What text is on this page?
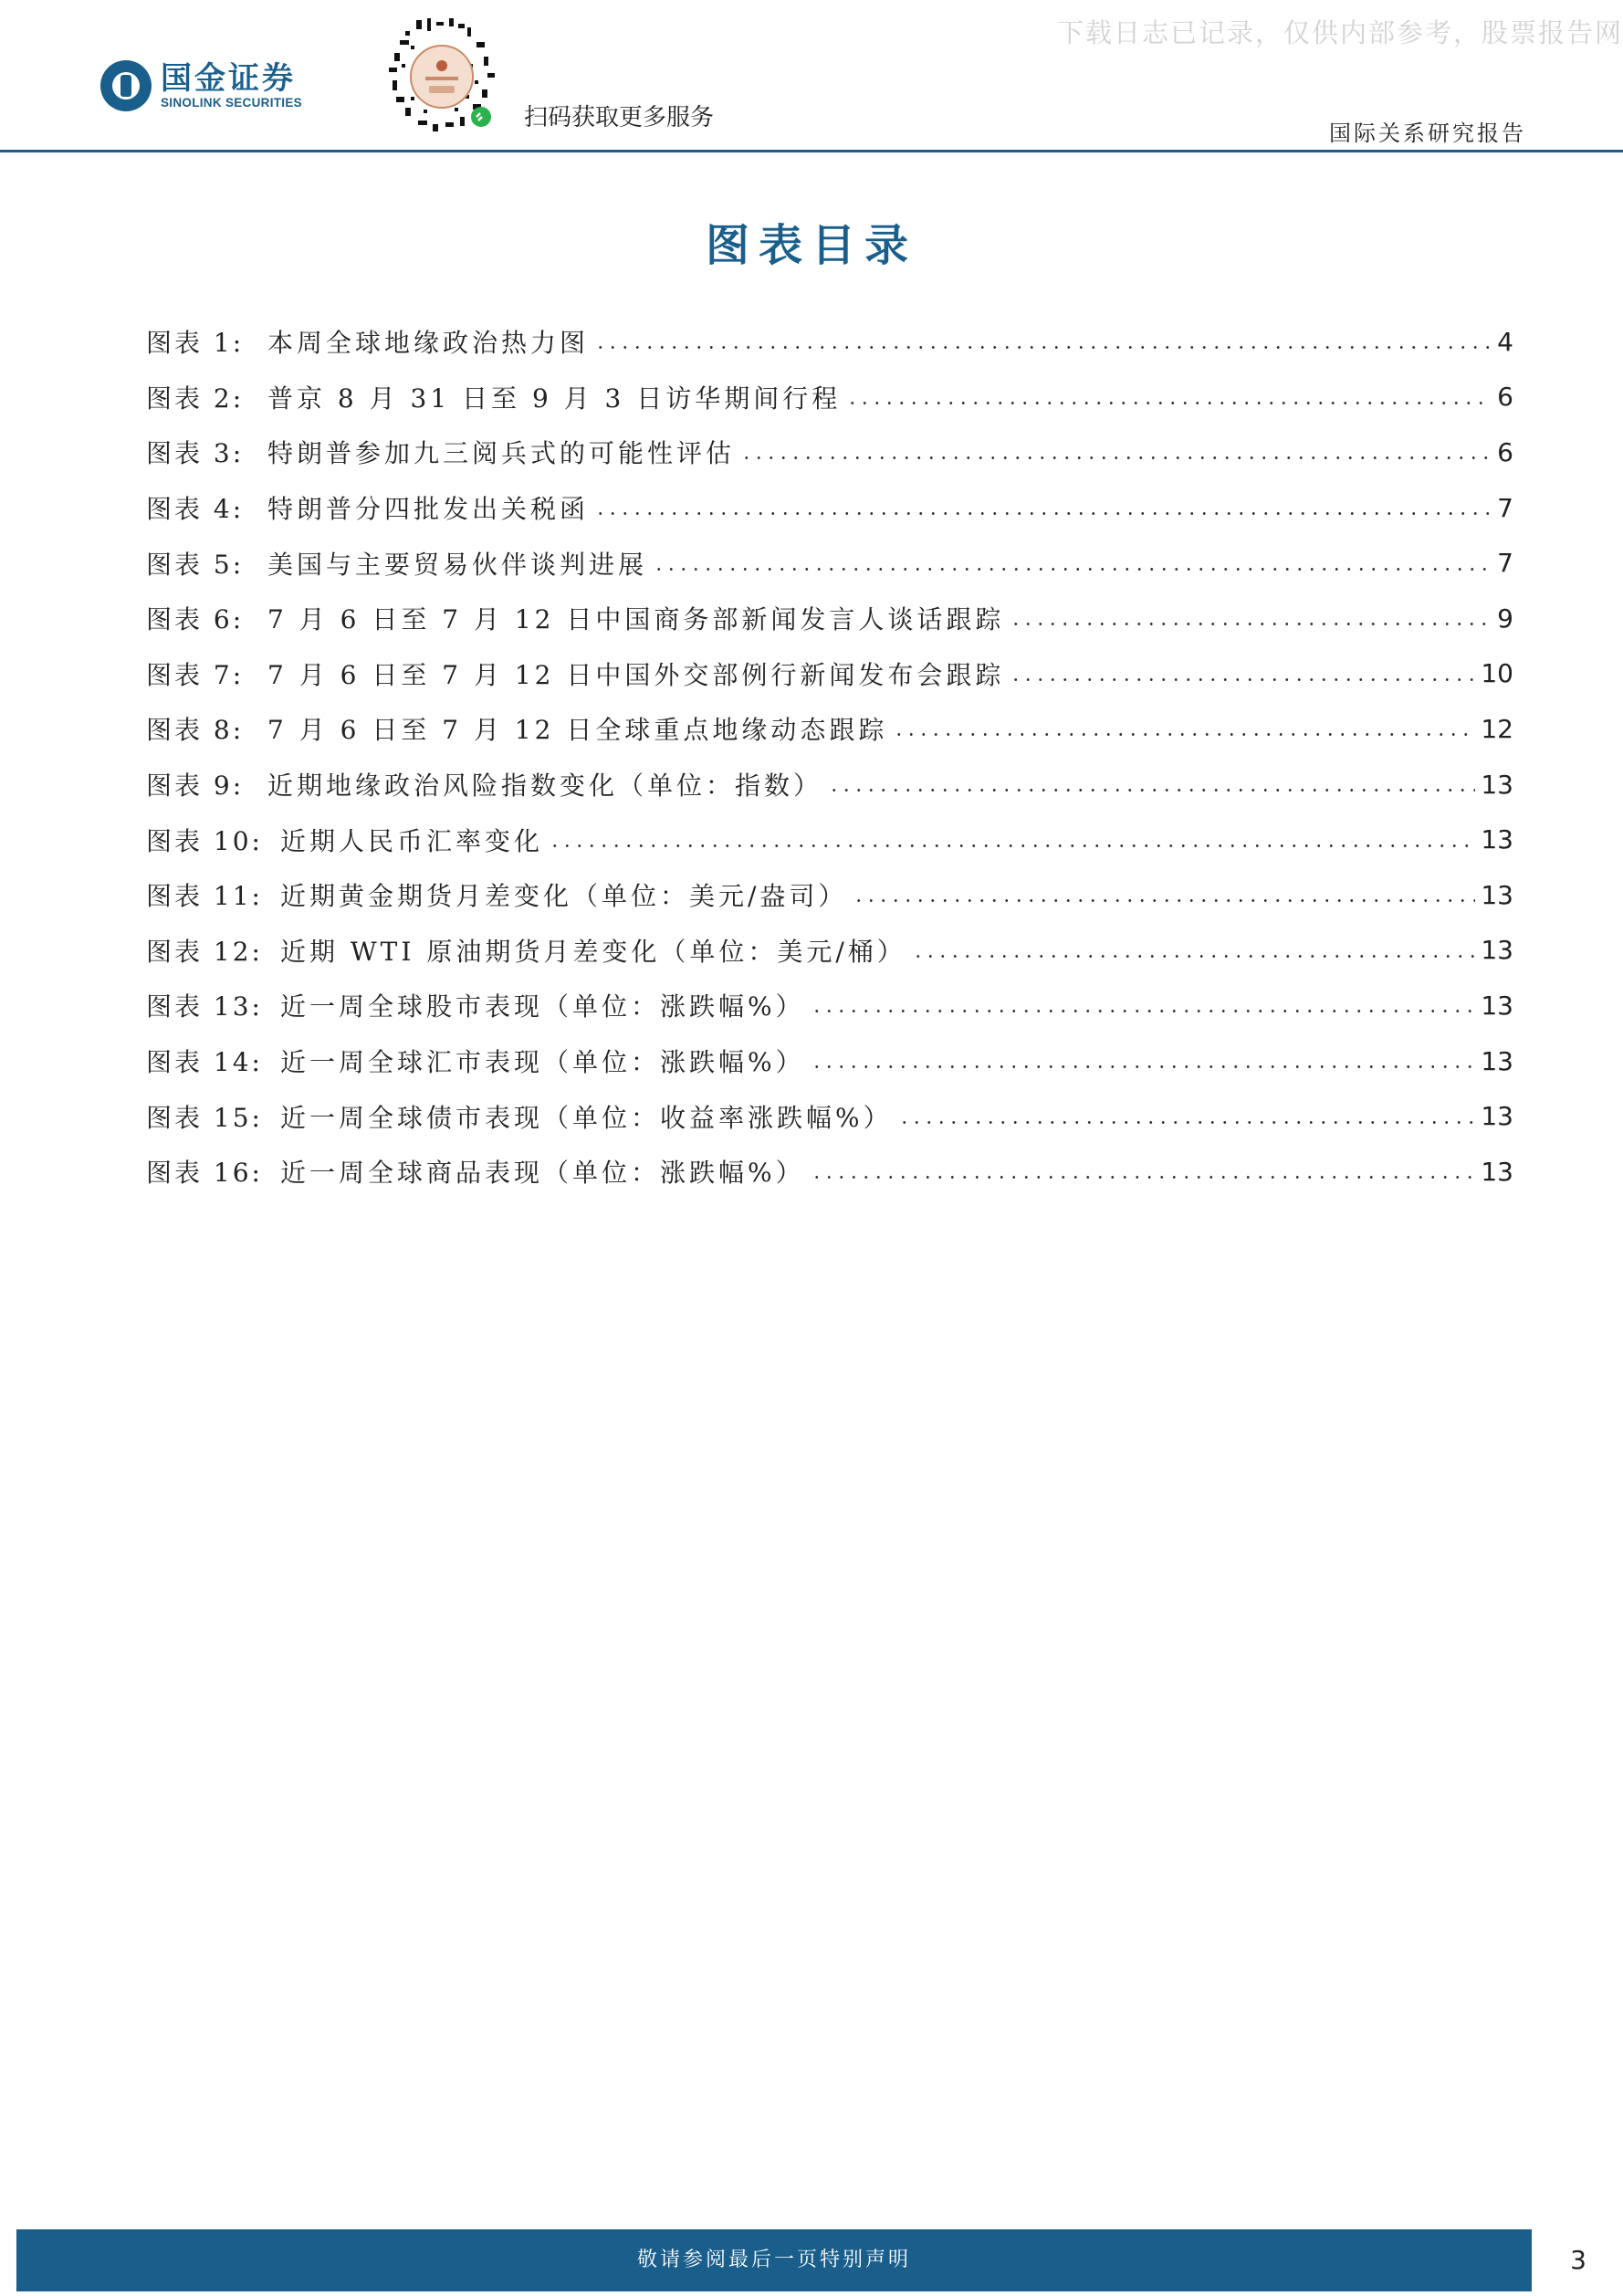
下载日志已记录，仅供内部参考，股票报告网
国金证券
SINOLINK SECURITIES
扫码获取更多服务
国际关系研究报告
图表目录
图表 1: 本周全球地缘政治热力图	4
图表 2: 普京 8 月 31 日至 9 月 3 日访华期间行程	6
图表 3: 特朗普参加九三阅兵式的可能性评估	6
图表 4: 特朗普分四批发出关税函	7
图表 5: 美国与主要贸易伙伴谈判进展	7
图表 6: 7 月 6 日至 7 月 12 日中国商务部新闻发言人谈话跟踪	9
图表 7: 7 月 6 日至 7 月 12 日中国外交部例行新闻发布会跟踪	10
图表 8: 7 月 6 日至 7 月 12 日全球重点地缘动态跟踪	12
图表 9: 近期地缘政治风险指数变化（单位：指数）	13
图表 10: 近期人民币汇率变化	13
图表 11: 近期黄金期货月差变化（单位：美元/盎司）	13
图表 12: 近期 WTI 原油期货月差变化（单位：美元/桶）	13
图表 13: 近一周全球股市表现（单位：涨跌幅%）	13
图表 14: 近一周全球汇市表现（单位：涨跌幅%）	13
图表 15: 近一周全球债市表现（单位：收益率涨跌幅%）	13
图表 16: 近一周全球商品表现（单位：涨跌幅%）	13
敬请参阅最后一页特别声明	3
